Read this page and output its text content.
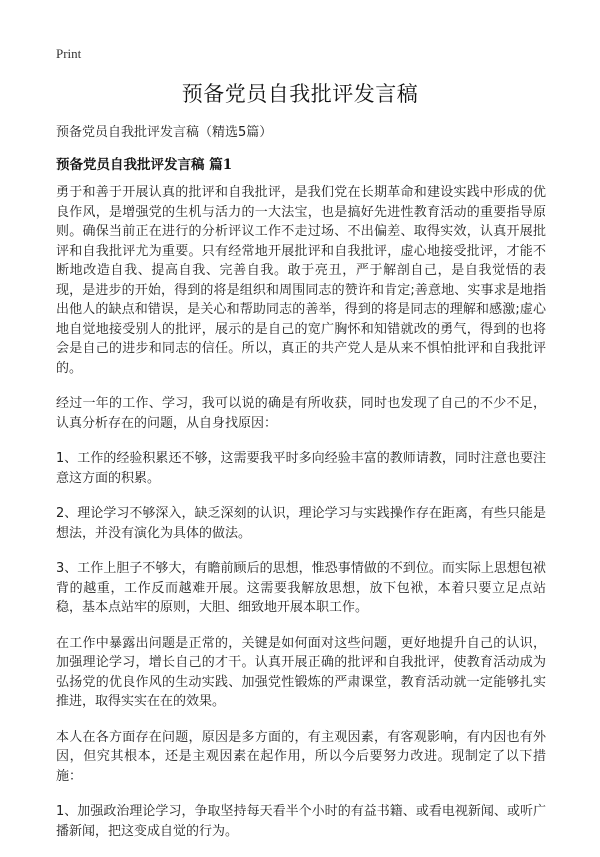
Print
预备党员自我批评发言稿
预备党员自我批评发言稿（精选5篇）
预备党员自我批评发言稿 篇1

勇于和善于开展认真的批评和自我批评，是我们党在长期革命和建设实践中形成的优良作风，是增强党的生机与活力的一大法宝，也是搞好先进性教育活动的重要指导原则。确保当前正在进行的分析评议工作不走过场、不出偏差、取得实效，认真开展批评和自我批评尤为重要。只有经常地开展批评和自我批评，虚心地接受批评，才能不断地改造自我、提高自我、完善自我。敢于亮丑，严于解剖自己，是自我觉悟的表现，是进步的开始，得到的将是组织和周围同志的赞许和肯定;善意地、实事求是地指出他人的缺点和错误，是关心和帮助同志的善举，得到的将是同志的理解和感激;虚心地自觉地接受别人的批评，展示的是自己的宽广胸怀和知错就改的勇气，得到的也将会是自己的进步和同志的信任。所以，真正的共产党人是从来不惧怕批评和自我批评的。

经过一年的工作、学习，我可以说的确是有所收获，同时也发现了自己的不少不足，认真分析存在的问题，从自身找原因：

1、工作的经验积累还不够，这需要我平时多向经验丰富的教师请教，同时注意也要注意这方面的积累。

2、理论学习不够深入，缺乏深刻的认识，理论学习与实践操作存在距离，有些只能是想法，并没有演化为具体的做法。

3、工作上胆子不够大，有瞻前顾后的思想，惟恐事情做的不到位。而实际上思想包袱背的越重，工作反而越难开展。这需要我解放思想，放下包袱，本着只要立足点站稳，基本点站牢的原则，大胆、细致地开展本职工作。

在工作中暴露出问题是正常的，关键是如何面对这些问题，更好地提升自己的认识，加强理论学习，增长自己的才干。认真开展正确的批评和自我批评，使教育活动成为弘扬党的优良作风的生动实践、加强党性锻炼的严肃课堂，教育活动就一定能够扎实推进，取得实实在在的效果。

本人在各方面存在问题，原因是多方面的，有主观因素，有客观影响，有内因也有外因，但究其根本，还是主观因素在起作用，所以今后要努力改进。现制定了以下措施：

1、加强政治理论学习，争取坚持每天看半个小时的有益书籍、或看电视新闻、或听广播新闻，把这变成自觉的行为。
